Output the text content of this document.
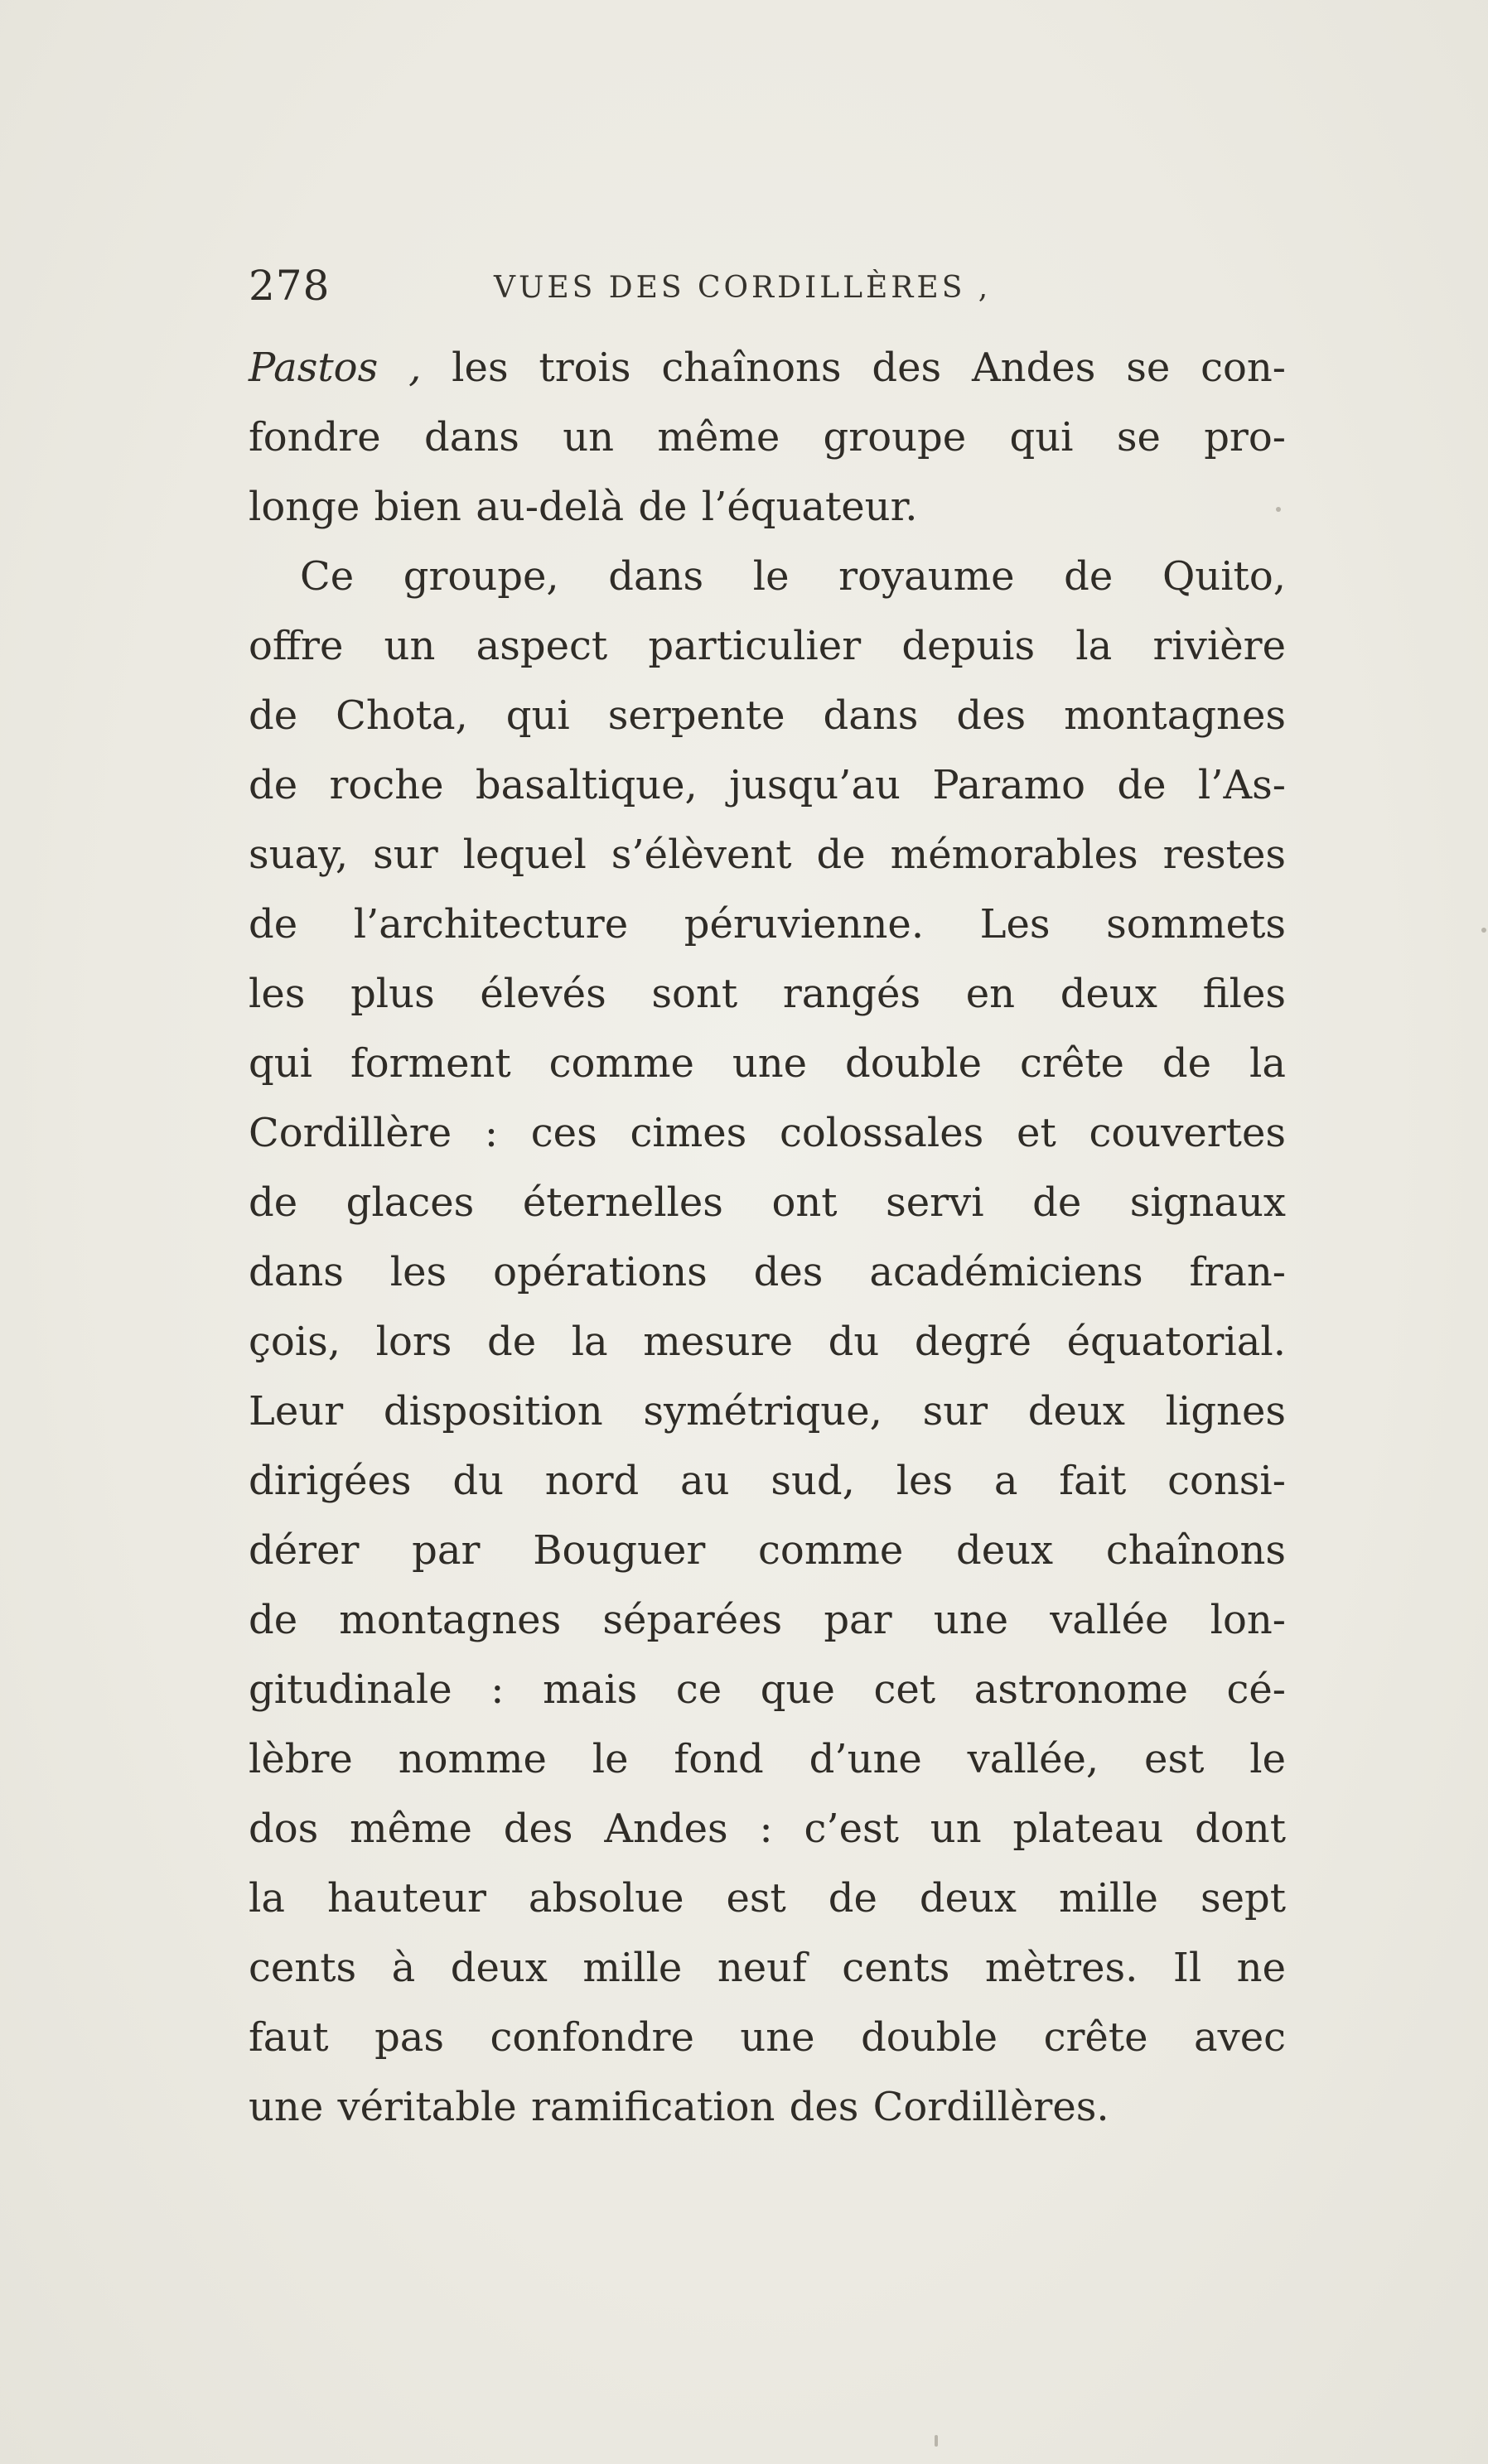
278	VUES DES CORDILLÈRES ,
Pastos , les trois chaînons des Andes se con-
fondre dans un même groupe qui se pro-
longe bien au-delà de l’équateur.
Ce groupe, dans le royaume de Quito,
offre un aspect particulier depuis la rivière
de Chota, qui serpente dans des montagnes
de roche basaltique, jusqu’au Paramo de l’As-
suay, sur lequel s’élèvent de mémorables restes
de l’architecture péruvienne. Les sommets
les plus élevés sont rangés en deux files
qui forment comme une double crête de la
Cordillère : ces cimes colossales et couvertes
de glaces éternelles ont servi de signaux
dans les opérations des académiciens fran-
çois, lors de la mesure du degré équatorial.
Leur disposition symétrique, sur deux lignes
dirigées du nord au sud, les a fait consi-
dérer par Bouguer comme deux chaînons
de montagnes séparées par une vallée lon-
gitudinale : mais ce que cet astronome cé-
lèbre nomme le fond d’une vallée, est le
dos même des Andes : c’est un plateau dont
la hauteur absolue est de deux mille sept
cents à deux mille neuf cents mètres. Il ne
faut pas confondre une double crête avec
une véritable ramification des Cordillères.
